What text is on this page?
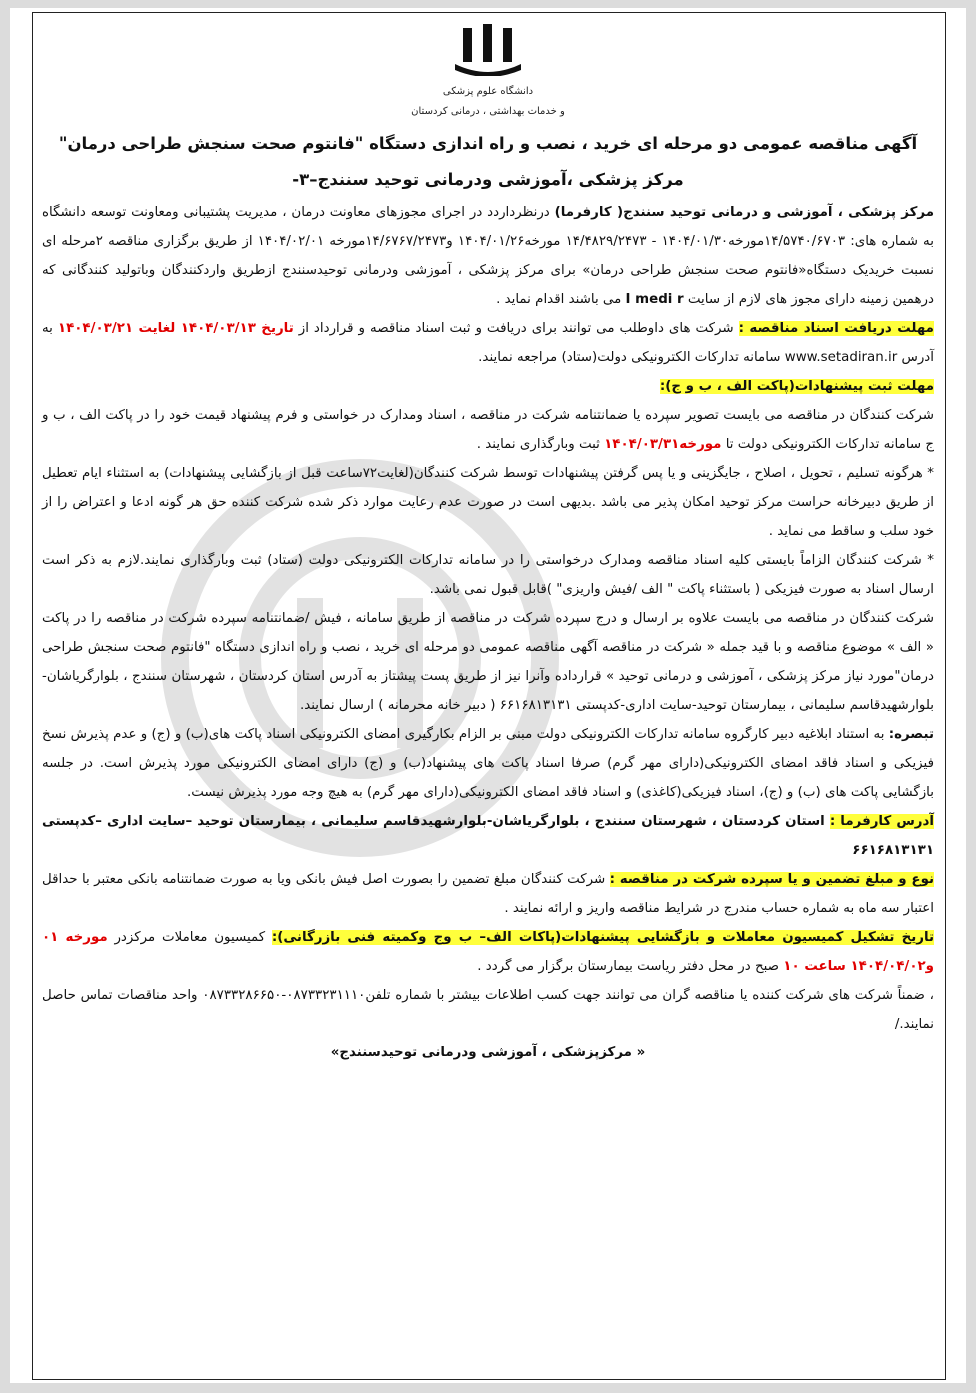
دانشگاه علوم پزشکی
و خدمات بهداشتی ، درمانی کردستان
آگهی مناقصه عمومی دو مرحله ای خرید ، نصب و راه اندازی دستگاه "فانتوم صحت سنجش طراحی درمان"
مرکز پزشکی ،آموزشی ودرمانی توحید سنندج–۳-

مرکز پزشکی ، آموزشی و درمانی توحید سنندج( کارفرما) درنظرداردد در اجرای مجوزهای معاونت درمان ، مدیریت پشتیبانی ومعاونت توسعه دانشگاه به شماره های: ۱۴/۵۷۴۰/۶۷۰۳مورخه۱۴۰۴/۰۱/۳۰ - ۱۴/۴۸۲۹/۲۴۷۳ مورخه۱۴۰۴/۰۱/۲۶ و۱۴/۶۷۶۷/۲۴۷۳مورخه ۱۴۰۴/۰۲/۰۱ از طریق برگزاری مناقصه ۲مرحله ای نسبت خریدیک دستگاه«فانتوم صحت سنجش طراحی درمان» برای مرکز پزشکی ، آموزشی ودرمانی توحیدسنندج ازطریق واردکنندگان وباتولید کنندگانی که درهمین زمینه دارای مجوز های لازم از سایت I medi r می باشند اقدام نماید .

مهلت دریافت اسناد مناقصه : شرکت های داوطلب می توانند برای دریافت و ثبت اسناد مناقصه و قرارداد از تاریخ ۱۴۰۴/۰۳/۱۳ لغایت ۱۴۰۴/۰۳/۲۱ به آدرس www.setadiran.ir سامانه تدارکات الکترونیکی دولت(ستاد) مراجعه نمایند.

مهلت ثبت پیشنهادات(پاکت الف ، ب و ج):

شرکت کنندگان در مناقصه می بایست تصویر سپرده یا ضمانتنامه شرکت در مناقصه ، اسناد ومدارک در خواستی و فرم پیشنهاد قیمت خود را در پاکت الف ، ب و ج سامانه تدارکات الکترونیکی دولت تا مورخه۱۴۰۴/۰۳/۳۱ ثبت وبارگذاری نمایند .

* هرگونه تسلیم ، تحویل ، اصلاح ، جایگزینی و یا پس گرفتن پیشنهادات توسط شرکت کنندگان(لغایت۷۲ساعت قبل از بازگشایی پیشنهادات) به استثناء ایام تعطیل از طریق دبیرخانه حراست مرکز توحید امکان پذیر می باشد .بدیهی است در صورت عدم رعایت موارد ذکر شده شرکت کننده حق هر گونه ادعا و اعتراض را از خود سلب و ساقط می نماید .

* شرکت کنندگان الزاماً بایستی کلیه اسناد مناقصه ومدارک درخواستی را در سامانه تدارکات الکترونیکی دولت (ستاد) ثبت وبارگذاری نمایند.لازم به ذکر است ارسال اسناد به صورت فیزیکی ( باستثناء پاکت " الف /فیش واریزی" )قابل قبول نمی باشد.

شرکت کنندگان در مناقصه می بایست علاوه بر ارسال و درج سپرده شرکت در مناقصه از طریق سامانه ، فیش /ضمانتنامه سپرده شرکت در مناقصه را در پاکت « الف » موضوع مناقصه و با قید جمله « شرکت در مناقصه آگهی مناقصه عمومی دو مرحله ای خرید ، نصب و راه اندازی دستگاه "فانتوم صحت سنجش طراحی درمان"مورد نیاز مرکز پزشکی ، آموزشی و درمانی توحید » قرارداده وآنرا نیز از طریق پست پیشتاز به آدرس استان کردستان ، شهرستان سنندج ، بلوارگریاشان-بلوارشهیدقاسم سلیمانی ، بیمارستان توحید-سایت اداری-کدپستی ۶۶۱۶۸۱۳۱۳۱ ( دبیر خانه محرمانه ) ارسال نمایند.

تبصره: به استناد ابلاغیه دبیر کارگروه سامانه تدارکات الکترونیکی دولت مبنی بر الزام بکارگیری امضای الکترونیکی اسناد پاکت های(ب) و (ج) و عدم پذیرش نسخ فیزیکی و اسناد فاقد امضای الکترونیکی(دارای مهر گرم) صرفا اسناد پاکت های پیشنهاد(ب) و (ج) دارای امضای الکترونیکی مورد پذیرش است. در جلسه بازگشایی پاکت های (ب) و (ج)، اسناد فیزیکی(کاغذی) و اسناد فاقد امضای الکترونیکی(دارای مهر گرم) به هیچ وجه مورد پذیرش نیست.

آدرس کارفرما : استان کردستان ، شهرستان سنندج ، بلوارگریاشان-بلوارشهیدقاسم سلیمانی ، بیمارستان توحید –سایت اداری –کدپستی ۶۶۱۶۸۱۳۱۳۱

نوع و مبلغ تضمین و یا سپرده شرکت در مناقصه : شرکت کنندگان مبلغ تضمین را بصورت اصل فیش بانکی ویا به صورت ضمانتنامه بانکی معتبر با حداقل اعتبار سه ماه به شماره حساب مندرج در شرایط مناقصه واریز و ارائه نمایند .

تاریخ تشکیل کمیسیون معاملات و بازگشایی پیشنهادات(پاکات الف– ب وج وکمیته فنی بازرگانی): کمیسیون معاملات مرکزدر مورخه ۰۱ و۱۴۰۴/۰۴/۰۲ ساعت ۱۰ صبح در محل دفتر ریاست بیمارستان برگزار می گردد .

، ضمناً شرکت های شرکت کننده یا مناقصه گران می توانند جهت کسب اطلاعات بیشتر با شماره تلفن۰۸۷۳۳۲۳۱۱۱۰-۰۸۷۳۳۲۸۶۶۵۰ واحد مناقصات تماس حاصل نمایند./

« مرکزپزشکی ، آموزشی ودرمانی توحیدسنندج»
